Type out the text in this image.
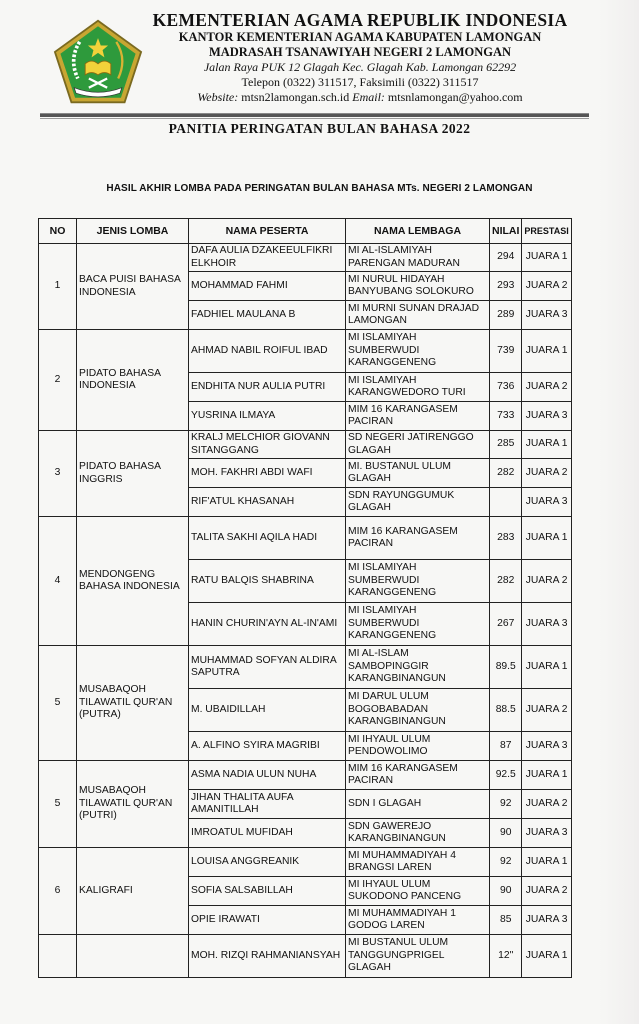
KEMENTERIAN AGAMA REPUBLIK INDONESIA
KANTOR KEMENTERIAN AGAMA KABUPATEN LAMONGAN
MADRASAH TSANAWIYAH NEGERI 2 LAMONGAN
Jalan Raya PUK 12 Glagah Kec. Glagah Kab. Lamongan 62292
Telepon (0322) 311517, Faksimili (0322) 311517
Website: mtsn2lamongan.sch.id Email: mtsnlamongan@yahoo.com
PANITIA PERINGATAN BULAN BAHASA 2022
HASIL AKHIR LOMBA PADA PERINGATAN BULAN BAHASA MTs. NEGERI 2 LAMONGAN
NO	JENIS LOMBA	NAMA PESERTA	NAMA LEMBAGA	NILAI	PRESTASI
1	BACA PUISI BAHASA INDONESIA	DAFA AULIA DZAKEEULFIKRI ELKHOIR	MI AL-ISLAMIYAH PARENGAN MADURAN	294	JUARA 1
		MOHAMMAD FAHMI	MI NURUL HIDAYAH BANYUBANG SOLOKURO	293	JUARA 2
		FADHIEL MAULANA B	MI MURNI SUNAN DRAJAD LAMONGAN	289	JUARA 3
2	PIDATO BAHASA INDONESIA	AHMAD NABIL ROIFUL IBAD	MI ISLAMIYAH SUMBERWUDI KARANGGENENG	739	JUARA 1
		ENDHITA NUR AULIA PUTRI	MI ISLAMIYAH KARANGWEDORO TURI	736	JUARA 2
		YUSRINA ILMAYA	MIM 16 KARANGASEM PACIRAN	733	JUARA 3
3	PIDATO BAHASA INGGRIS	KRALJ MELCHIOR GIOVANN SITANGGANG	SD NEGERI JATIRENGGO GLAGAH	285	JUARA 1
		MOH. FAKHRI ABDI WAFI	MI. BUSTANUL ULUM GLAGAH	282	JUARA 2
		RIF'ATUL KHASANAH	SDN RAYUNGGUMUK GLAGAH		JUARA 3
4	MENDONGENG BAHASA INDONESIA	TALITA SAKHI AQILA HADI	MIM 16 KARANGASEM PACIRAN	283	JUARA 1
		RATU BALQIS SHABRINA	MI ISLAMIYAH SUMBERWUDI KARANGGENENG	282	JUARA 2
		HANIN CHURIN'AYN AL-IN'AMI	MI ISLAMIYAH SUMBERWUDI KARANGGENENG	267	JUARA 3
5	MUSABAQOH TILAWATIL QUR'AN (PUTRA)	MUHAMMAD SOFYAN ALDIRA SAPUTRA	MI AL-ISLAM SAMBOPINGGIR KARANGBINANGUN	89.5	JUARA 1
		M. UBAIDILLAH	MI DARUL ULUM BOGOBABADAN KARANGBINANGUN	88.5	JUARA 2
		A. ALFINO SYIRA MAGRIBI	MI IHYAUL ULUM PENDOWOLIMO	87	JUARA 3
5	MUSABAQOH TILAWATIL QUR'AN (PUTRI)	ASMA NADIA ULUN NUHA	MIM 16 KARANGASEM PACIRAN	92.5	JUARA 1
		JIHAN THALITA AUFA AMANITILLAH	SDN I GLAGAH	92	JUARA 2
		IMROATUL MUFIDAH	SDN GAWEREJO KARANGBINANGUN	90	JUARA 3
6	KALIGRAFI	LOUISA ANGGREANIK	MI MUHAMMADIYAH 4 BRANGSI LAREN	92	JUARA 1
		SOFIA SALSABILLAH	MI IHYAUL ULUM SUKODONO PANCENG	90	JUARA 2
		OPIE IRAWATI	MI MUHAMMADIYAH 1 GODOG LAREN	85	JUARA 3
		MOH. RIZQI RAHMANIANSYAH	MI BUSTANUL ULUM TANGGUNGPRIGEL GLAGAH	12"	JUARA 1
